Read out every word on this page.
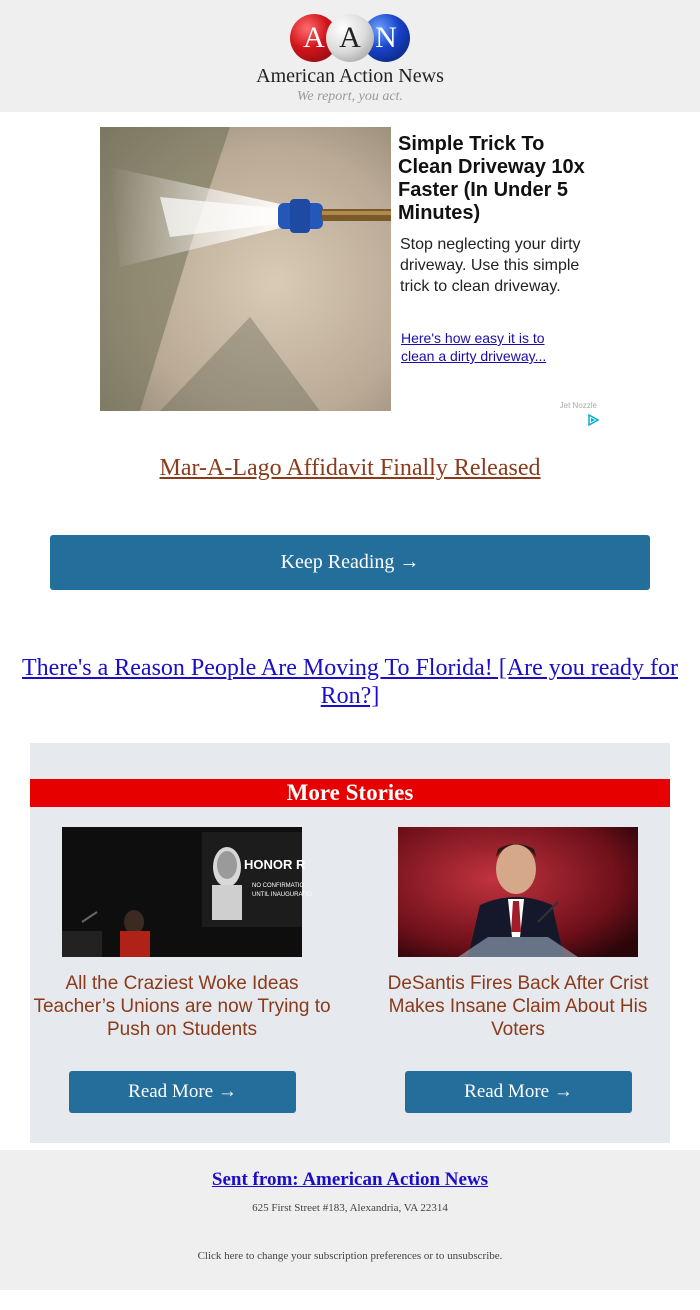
A A N
American Action News
We report, you act.
Simple Trick To Clean Driveway 10x Faster (In Under 5 Minutes)
Stop neglecting your dirty driveway. Use this simple trick to clean driveway.
Here's how easy it is to clean a dirty driveway...
Jet Nozzle
Mar-A-Lago Affidavit Finally Released
Keep Reading →
There's a Reason People Are Moving To Florida! [Are you ready for Ron?]
More Stories
HONOR R
NO CONFIRMATIO
UNTIL INAUGURATIO
All the Craziest Woke Ideas Teacher’s Unions are now Trying to Push on Students
DeSantis Fires Back After Crist Makes Insane Claim About His Voters
Read More →	Read More →
Sent from: American Action News
625 First Street #183, Alexandria, VA 22314
Click here to change your subscription preferences or to unsubscribe.
